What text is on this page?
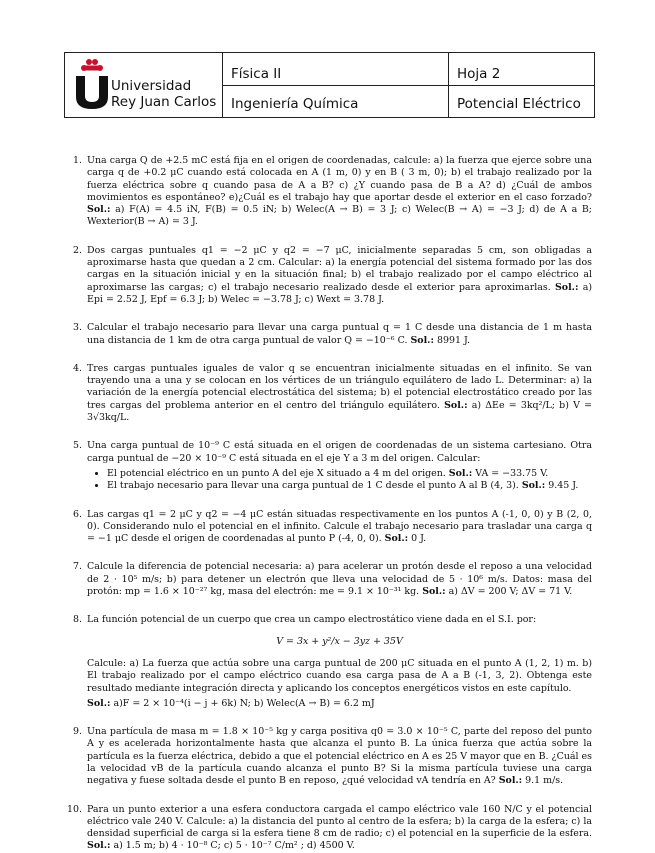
Universidad
Rey Juan Carlos
Física II
Ingeniería Química
Hoja 2
Potencial Eléctrico
1. Una carga Q de +2.5 mC está fija en el origen de coordenadas, calcule: a) la fuerza que ejerce sobre una carga q de +0.2 μC cuando está colocada en A (1 m, 0) y en B ( 3 m, 0); b) el trabajo realizado por la fuerza eléctrica sobre q cuando pasa de A a B? c) ¿Y cuando pasa de B a A? d) ¿Cuál de ambos movimientos es espontáneo? e)¿Cuál es el trabajo hay que aportar desde el exterior en el caso forzado? Sol.: a) F(A) = 4.5 iN, F(B) = 0.5 iN; b) Welec(A → B) = 3 J; c) Welec(B → A) = −3 J; d) de A a B; Wexterior(B → A) = 3 J.
2. Dos cargas puntuales q1 = −2 μC y q2 = −7 μC, inicialmente separadas 5 cm, son obligadas a aproximarse hasta que quedan a 2 cm. Calcular: a) la energía potencial del sistema formado por las dos cargas en la situación inicial y en la situación final; b) el trabajo realizado por el campo eléctrico al aproximarse las cargas; c) el trabajo necesario realizado desde el exterior para aproximarlas. Sol.: a) Epi = 2.52 J, Epf = 6.3 J; b) Welec = −3.78 J; c) Wext = 3.78 J.
3. Calcular el trabajo necesario para llevar una carga puntual q = 1 C desde una distancia de 1 m hasta una distancia de 1 km de otra carga puntual de valor Q = −10⁻⁶ C. Sol.: 8991 J.
4. Tres cargas puntuales iguales de valor q se encuentran inicialmente situadas en el infinito. Se van trayendo una a una y se colocan en los vértices de un triángulo equilátero de lado L. Determinar: a) la variación de la energía potencial electrostática del sistema; b) el potencial electrostático creado por las tres cargas del problema anterior en el centro del triángulo equilátero. Sol.: a) ΔEe = 3kq²/L; b) V = 3√3kq/L.
5. Una carga puntual de 10⁻⁹ C está situada en el origen de coordenadas de un sistema cartesiano. Otra carga puntual de −20 × 10⁻⁹ C está situada en el eje Y a 3 m del origen. Calcular:
• El potencial eléctrico en un punto A del eje X situado a 4 m del origen. Sol.: VA = −33.75 V.
• El trabajo necesario para llevar una carga puntual de 1 C desde el punto A al B (4, 3). Sol.: 9.45 J.
6. Las cargas q1 = 2 μC y q2 = −4 μC están situadas respectivamente en los puntos A (-1, 0, 0) y B (2, 0, 0). Considerando nulo el potencial en el infinito. Calcule el trabajo necesario para trasladar una carga q = −1 μC desde el origen de coordenadas al punto P (-4, 0, 0). Sol.: 0 J.
7. Calcule la diferencia de potencial necesaria: a) para acelerar un protón desde el reposo a una velocidad de 2 · 10⁵ m/s; b) para detener un electrón que lleva una velocidad de 5 · 10⁶ m/s. Datos: masa del protón: mp = 1.6 × 10⁻²⁷ kg, masa del electrón: me = 9.1 × 10⁻³¹ kg. Sol.: a) ΔV = 200 V; ΔV = 71 V.
8. La función potencial de un cuerpo que crea un campo electrostático viene dada en el S.I. por:
V = 3x + y²/x − 3yz + 35V
Calcule: a) La fuerza que actúa sobre una carga puntual de 200 μC situada en el punto A (1, 2, 1) m. b) El trabajo realizado por el campo eléctrico cuando esa carga pasa de A a B (-1, 3, 2). Obtenga este resultado mediante integración directa y aplicando los conceptos energéticos vistos en este capítulo.
Sol.: a)F = 2 × 10⁻⁴(i − j + 6k) N; b) Welec(A → B) = 6.2 mJ
9. Una partícula de masa m = 1.8 × 10⁻⁵ kg y carga positiva q0 = 3.0 × 10⁻⁵ C, parte del reposo del punto A y es acelerada horizontalmente hasta que alcanza el punto B. La única fuerza que actúa sobre la partícula es la fuerza eléctrica, debido a que el potencial eléctrico en A es 25 V mayor que en B. ¿Cuál es la velocidad vB de la partícula cuando alcanza el punto B? Si la misma partícula tuviese una carga negativa y fuese soltada desde el punto B en reposo, ¿qué velocidad vA tendría en A? Sol.: 9.1 m/s.
10. Para un punto exterior a una esfera conductora cargada el campo eléctrico vale 160 N/C y el potencial eléctrico vale 240 V. Calcule: a) la distancia del punto al centro de la esfera; b) la carga de la esfera; c) la densidad superficial de carga si la esfera tiene 8 cm de radio; c) el potencial en la superficie de la esfera. Sol.: a) 1.5 m; b) 4 · 10⁻⁸ C; c) 5 · 10⁻⁷ C/m² ; d) 4500 V.
